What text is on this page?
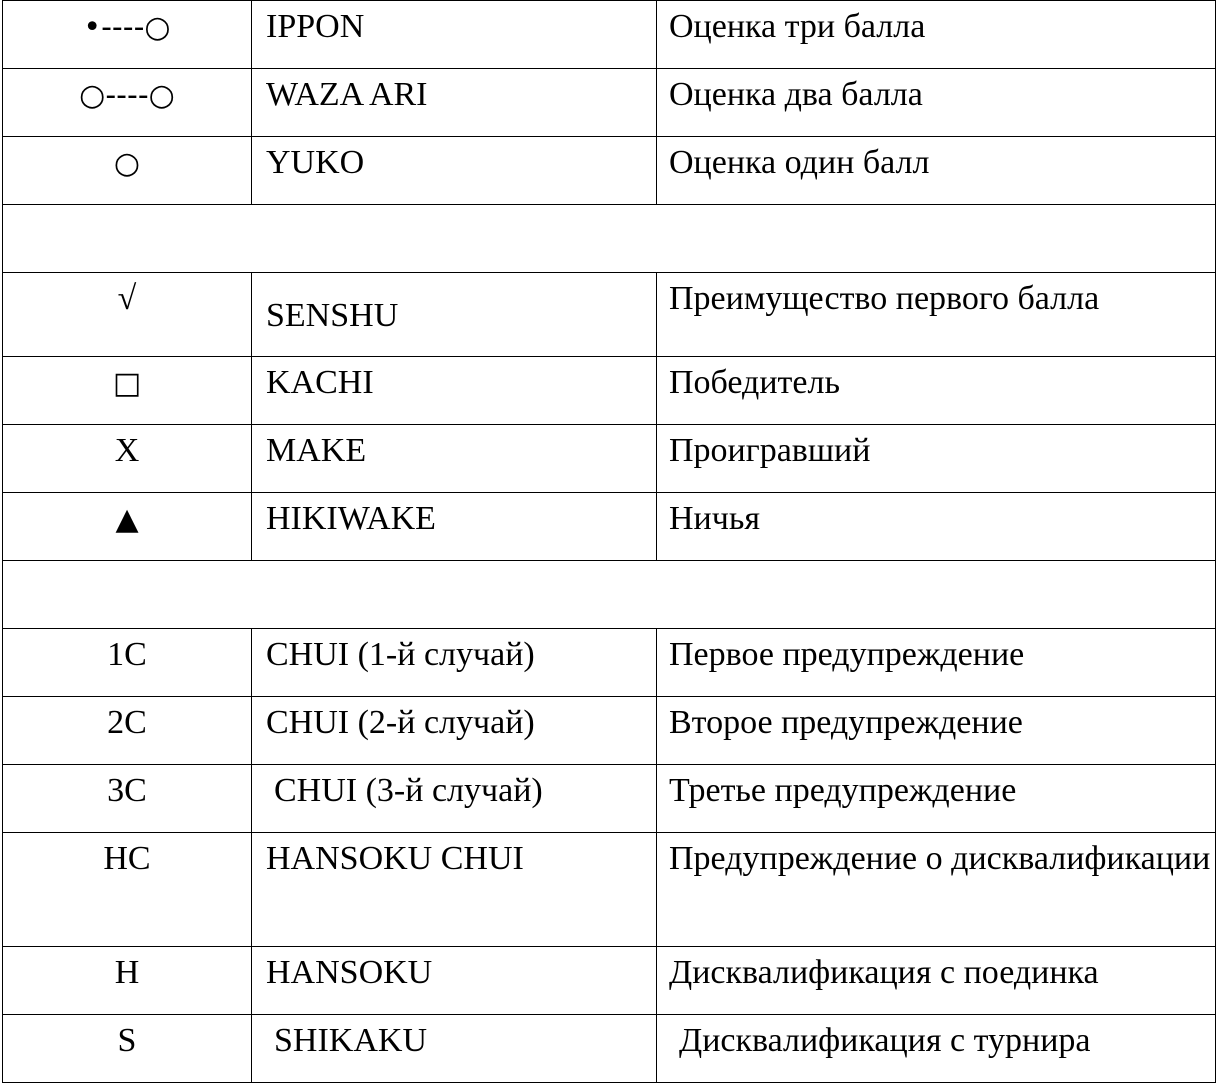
•----○	IPPON	Оценка три балла
○----○	WAZA ARI	Оценка два балла
○	YUKO	Оценка один балл

√	SENSHU	Преимущество первого балла
□	KACHI	Победитель
X	MAKE	Проигравший
▲	HIKIWAKE	Ничья

1C	CHUI (1-й случай)	Первое предупреждение
2C	CHUI (2-й случай)	Второе предупреждение
3C	CHUI (3-й случай)	Третье предупреждение
HC	HANSOKU CHUI	Предупреждение о дисквалификации
H	HANSOKU	Дисквалификация с поединка
S	SHIKAKU	Дисквалификация с турнира
